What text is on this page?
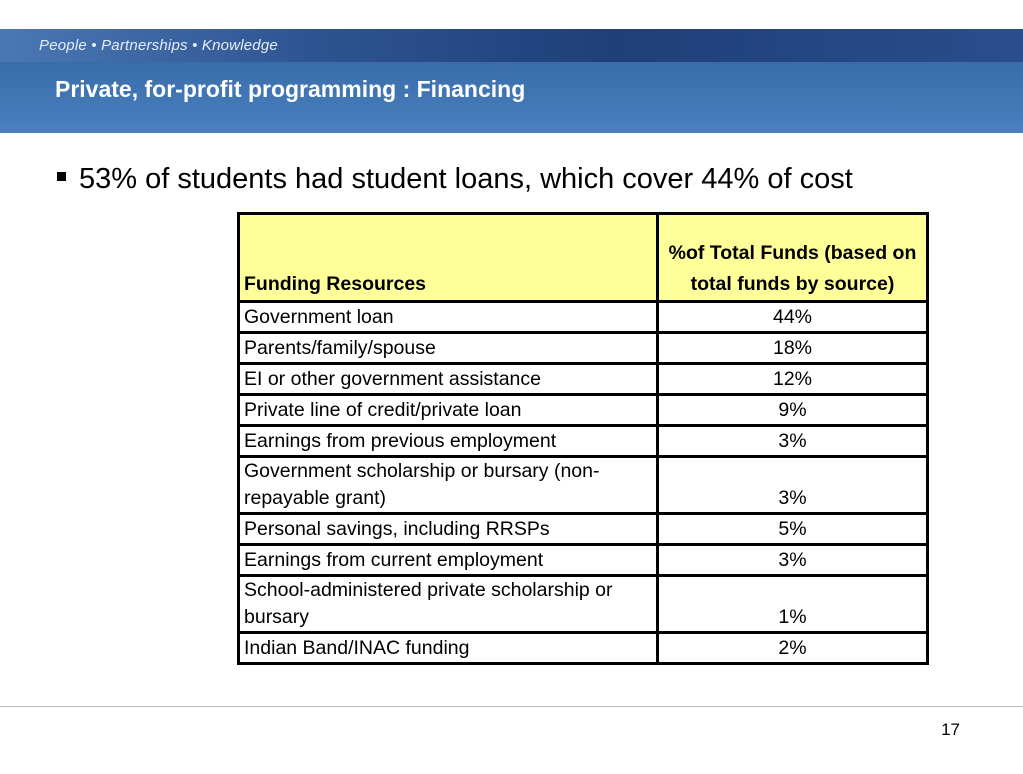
People • Partnerships • Knowledge
Private, for-profit programming : Financing
53% of students had student loans, which cover 44% of cost
Funding Resources	%of Total Funds (based on total funds by source)
Government loan	44%
Parents/family/spouse	18%
EI or other government assistance	12%
Private line of credit/private loan	9%
Earnings from previous employment	3%
Government scholarship or bursary (non-repayable grant)	3%
Personal savings, including RRSPs	5%
Earnings from current employment	3%
School-administered private scholarship or bursary	1%
Indian Band/INAC funding	2%
17
